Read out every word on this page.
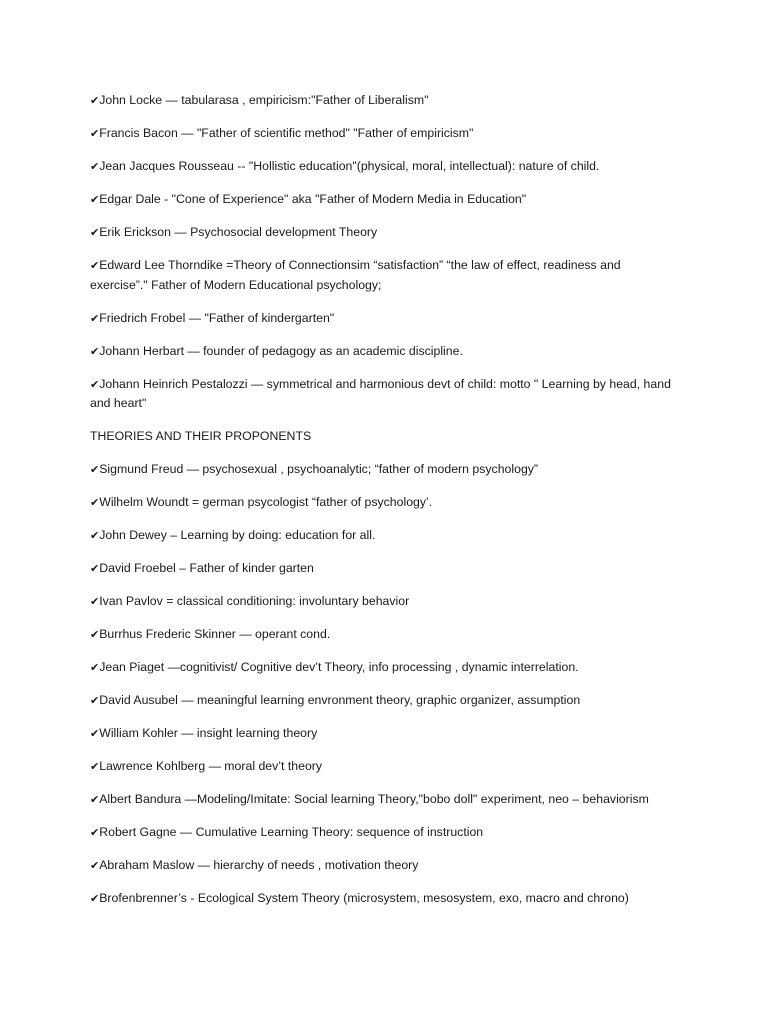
✔John Locke — tabularasa , empiricism:"Father of Liberalism"

✔Francis Bacon — "Father of scientific method" "Father of empiricism"

✔Jean Jacques Rousseau -- "Hollistic education"(physical, moral, intellectual): nature of child.

✔Edgar Dale - "Cone of Experience" aka "Father of Modern Media in Education"

✔Erik Erickson — Psychosocial development Theory

✔Edward Lee Thorndike =Theory of Connectionsim “satisfaction” “the law of effect, readiness and exercise”." Father of Modern Educational psychology;

✔Friedrich Frobel — "Father of kindergarten"

✔Johann Herbart — founder of pedagogy as an academic discipline.

✔Johann Heinrich Pestalozzi — symmetrical and harmonious devt of child: motto " Learning by head, hand and heart"

THEORIES AND THEIR PROPONENTS

✔Sigmund Freud — psychosexual , psychoanalytic; “father of modern psychology”

✔Wilhelm Woundt = german psycologist “father of psychology’.

✔John Dewey – Learning by doing: education for all.

✔David Froebel – Father of kinder garten

✔Ivan Pavlov = classical conditioning: involuntary behavior

✔Burrhus Frederic Skinner — operant cond.

✔Jean Piaget —cognitivist/ Cognitive dev’t Theory, info processing , dynamic interrelation.

✔David Ausubel — meaningful learning envronment theory, graphic organizer, assumption

✔William Kohler — insight learning theory

✔Lawrence Kohlberg — moral dev’t theory

✔Albert Bandura —Modeling/Imitate: Social learning Theory,"bobo doll" experiment, neo – behaviorism

✔Robert Gagne — Cumulative Learning Theory: sequence of instruction

✔Abraham Maslow — hierarchy of needs , motivation theory

✔Brofenbrenner’s - Ecological System Theory (microsystem, mesosystem, exo, macro and chrono)
